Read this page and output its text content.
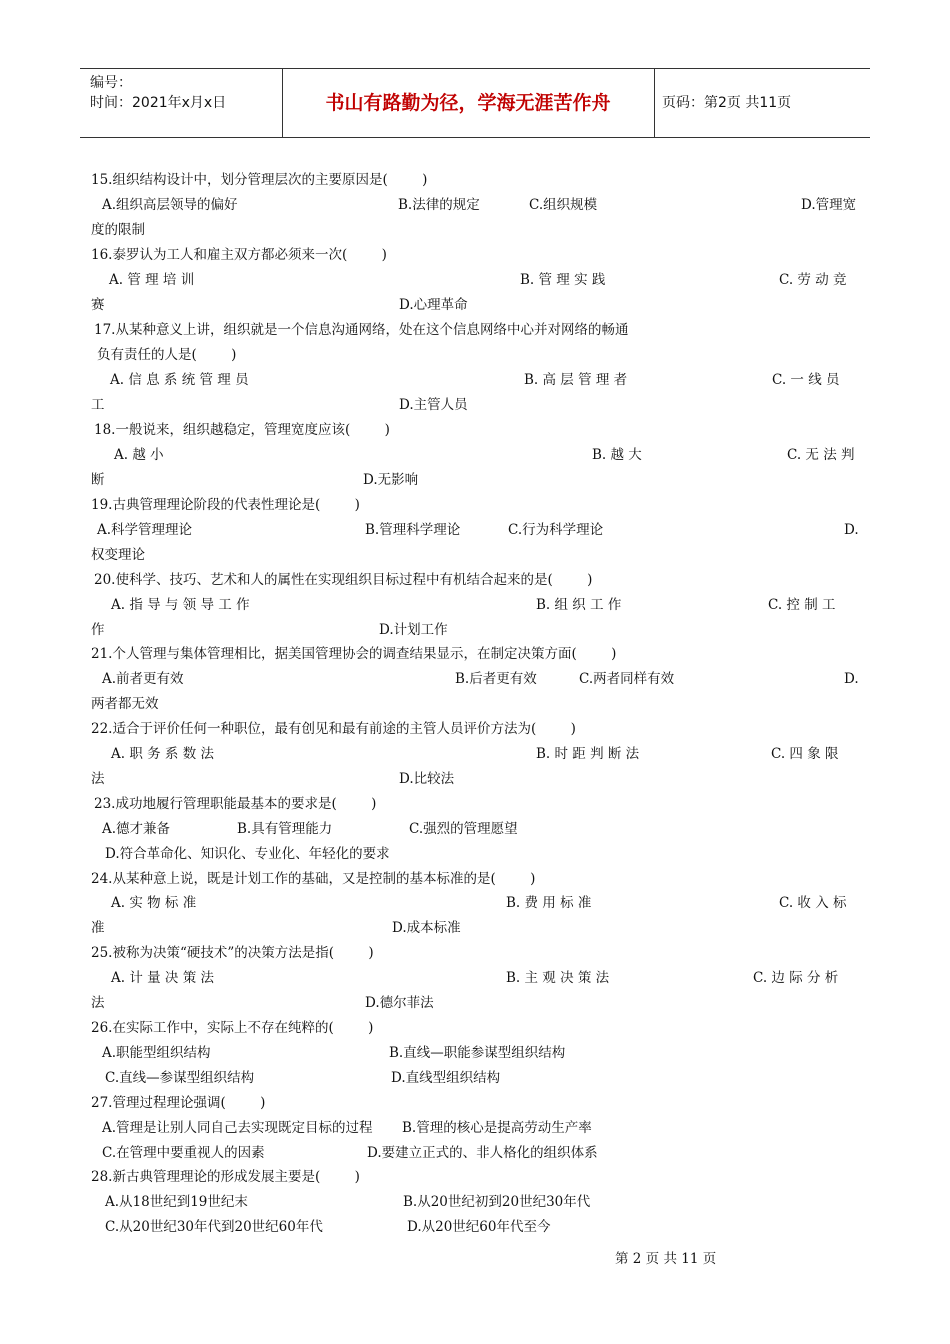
编号：
时间：2021年x月x日	书山有路勤为径，学海无涯苦作舟	页码：第2页 共11页
15.组织结构设计中，划分管理层次的主要原因是(        )
A.组织高层领导的偏好	B.法律的规定	C.组织规模	D.管理宽
度的限制
16.泰罗认为工人和雇主双方都必须来一次(        )
A. 管 理 培 训	B. 管 理 实 践	C. 劳 动 竞
赛	D.心理革命
17.从某种意义上讲，组织就是一个信息沟通网络，处在这个信息网络中心并对网络的畅通
负有责任的人是(        )
A. 信 息 系 统 管 理 员	B. 高 层 管 理 者	C. 一 线 员
工	D.主管人员
18.一般说来，组织越稳定，管理宽度应该(        )
A. 越 小	B. 越 大	C. 无 法 判
断	D.无影响
19.古典管理理论阶段的代表性理论是(        )
A.科学管理理论	B.管理科学理论	C.行为科学理论	D.
权变理论
20.使科学、技巧、艺术和人的属性在实现组织目标过程中有机结合起来的是(        )
A. 指 导 与 领 导 工 作	B. 组 织 工 作	C. 控 制 工
作	D.计划工作
21.个人管理与集体管理相比，据美国管理协会的调查结果显示，在制定决策方面(        )
A.前者更有效	B.后者更有效	C.两者同样有效	D.
两者都无效
22.适合于评价任何一种职位，最有创见和最有前途的主管人员评价方法为(        )
A. 职 务 系 数 法	B. 时 距 判 断 法	C. 四 象 限
法	D.比较法
23.成功地履行管理职能最基本的要求是(        )
A.德才兼备	B.具有管理能力	C.强烈的管理愿望
D.符合革命化、知识化、专业化、年轻化的要求
24.从某种意上说，既是计划工作的基础，又是控制的基本标准的是(        )
A. 实 物 标 准	B. 费 用 标 准	C. 收 入 标
准	D.成本标准
25.被称为决策“硬技术”的决策方法是指(        )
A. 计 量 决 策 法	B. 主 观 决 策 法	C. 边 际 分 析
法	D.德尔菲法
26.在实际工作中，实际上不存在纯粹的(        )
A.职能型组织结构	B.直线—职能参谋型组织结构
C.直线—参谋型组织结构	D.直线型组织结构
27.管理过程理论强调(        )
A.管理是让别人同自己去实现既定目标的过程 B.管理的核心是提高劳动生产率
C.在管理中要重视人的因素	D.要建立正式的、非人格化的组织体系
28.新古典管理理论的形成发展主要是(        )
A.从18世纪到19世纪末	B.从20世纪初到20世纪30年代
C.从20世纪30年代到20世纪60年代	D.从20世纪60年代至今
第 2 页 共 11 页
